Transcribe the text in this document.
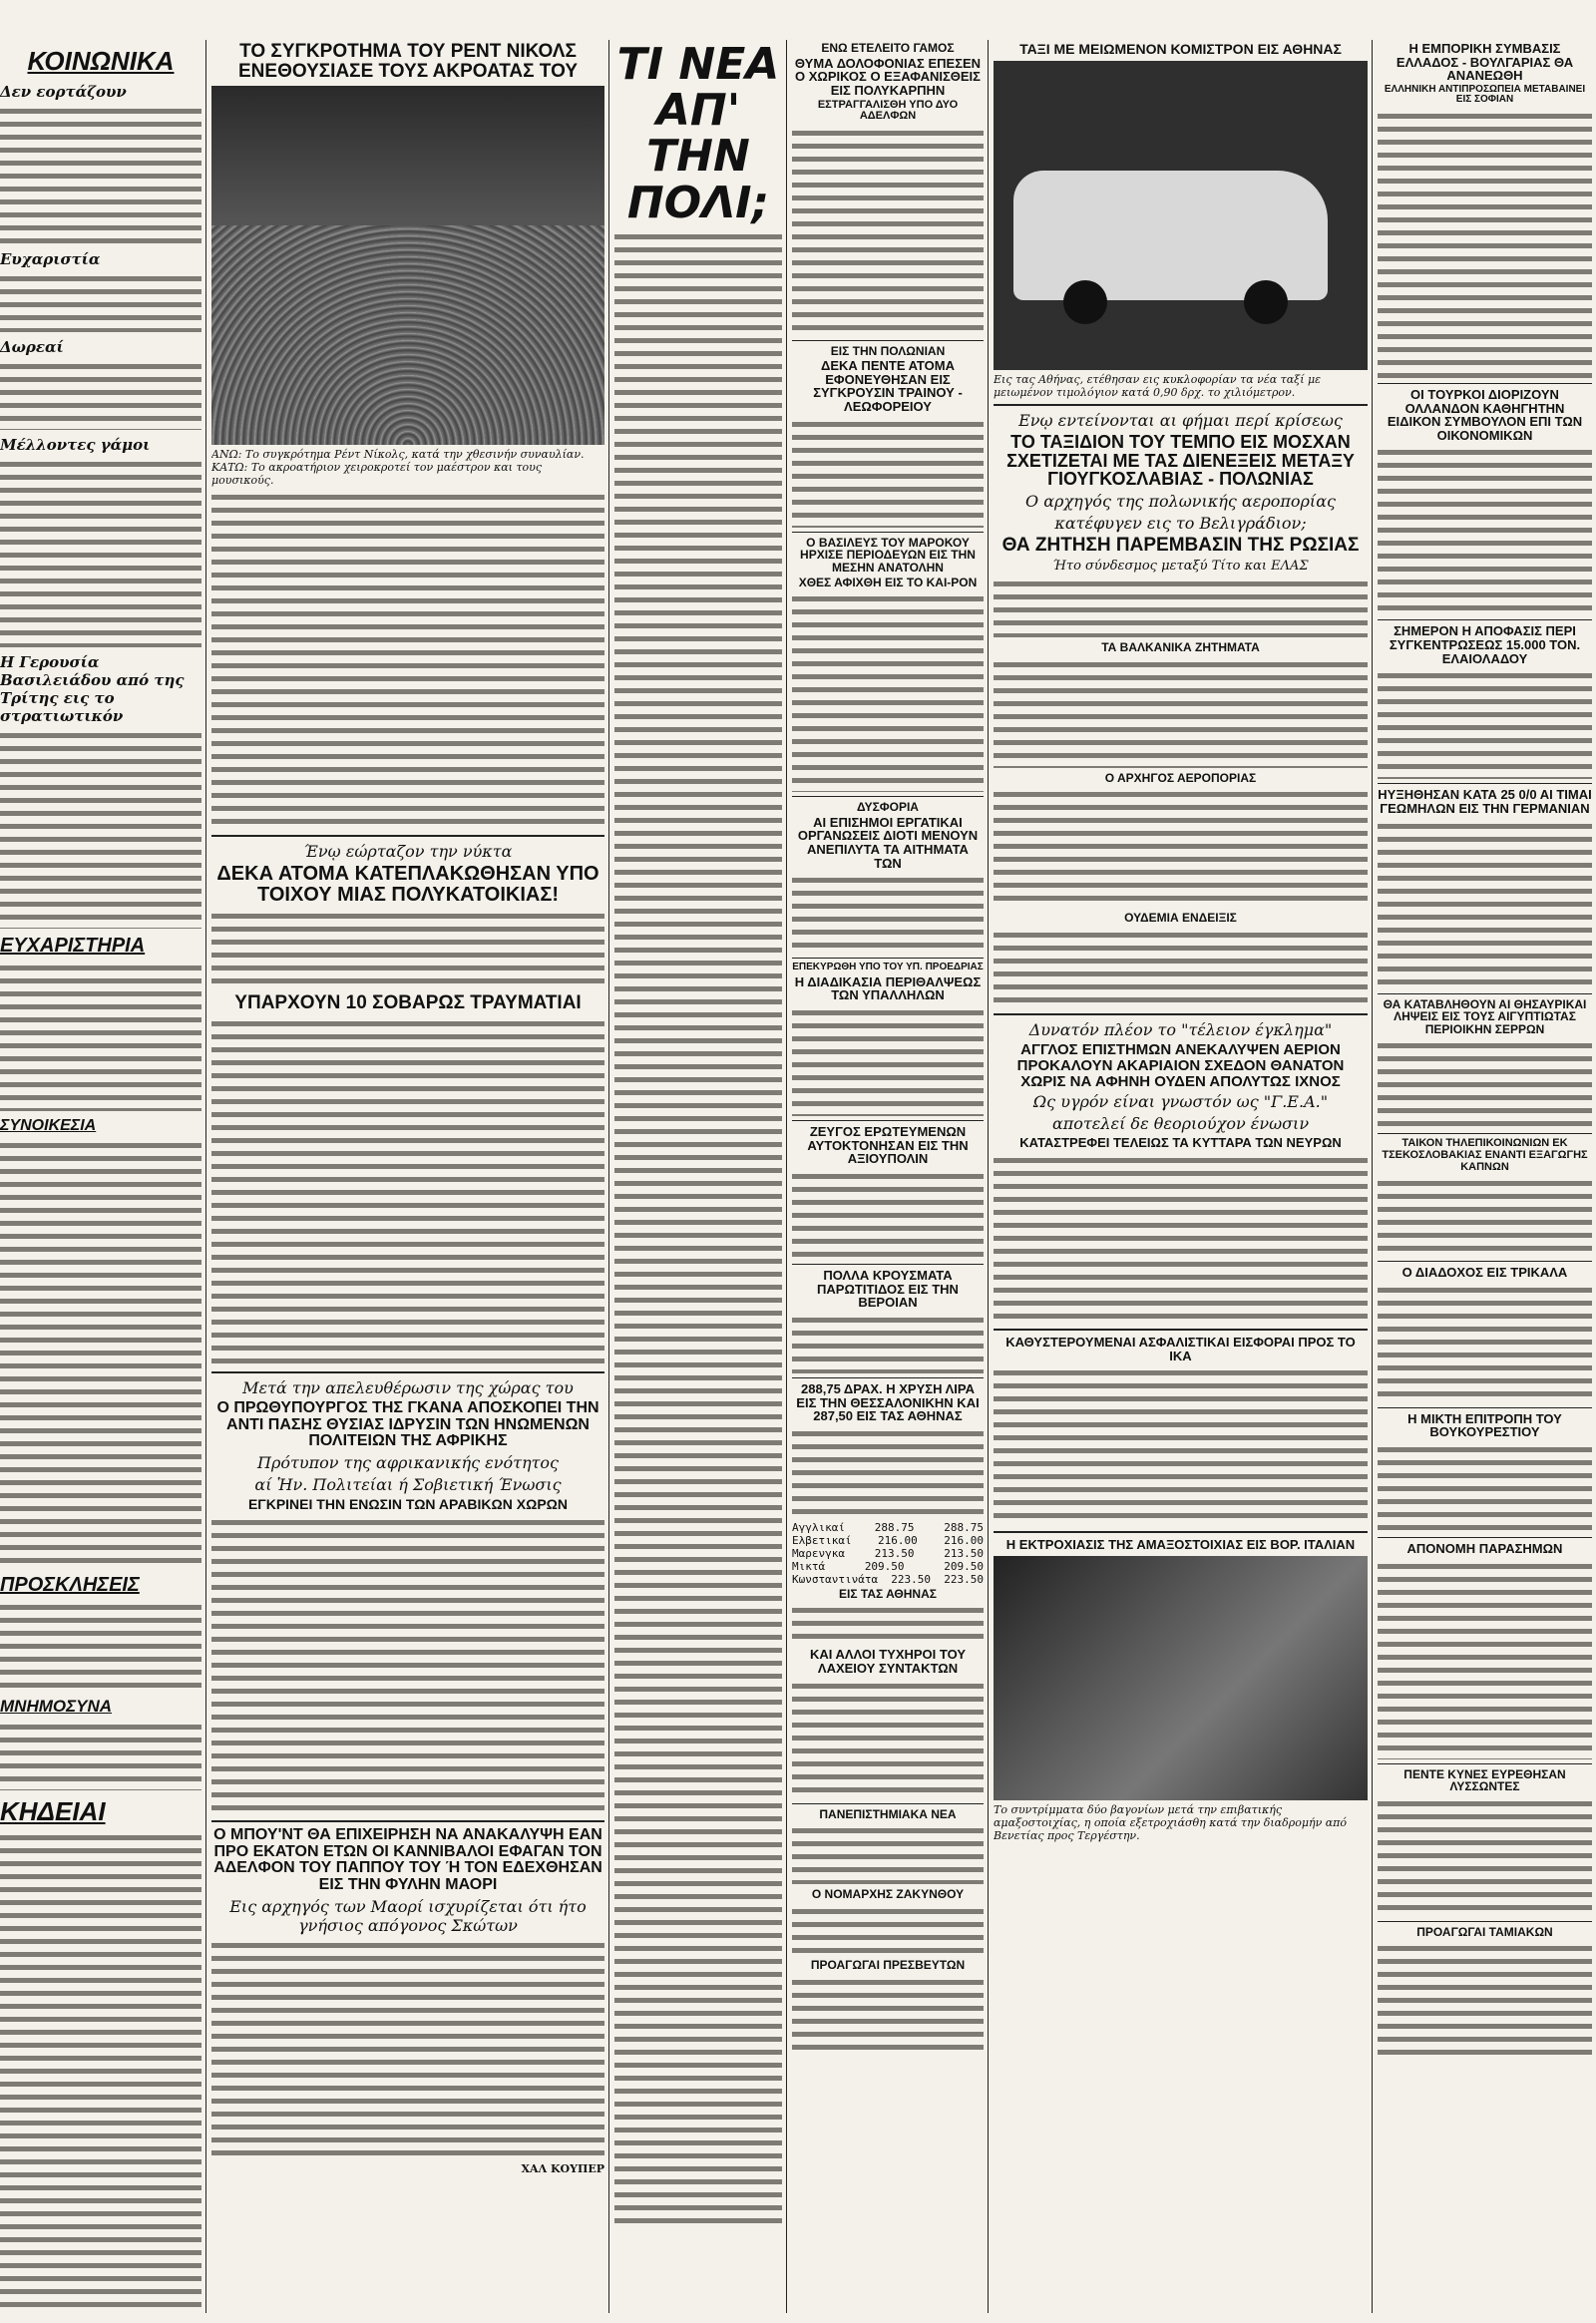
ΚΟΙΝΩΝΙΚΑ
Δεν εορτάζουν
Ευχαριστία
Δωρεαί
Μέλλοντες γάμοι
Η Γερουσία Βασιλειάδου από της Τρίτης εις το στρατιωτικόν
ΕΥΧΑΡΙΣΤΗΡΙΑ
ΣΥΝΟΙΚΕΣΙΑ
ΠΡΟΣΚΛΗΣΕΙΣ
ΜΝΗΜΟΣΥΝΑ
ΚΗΔΕΙΑΙ
ΤΟ ΣΥΓΚΡΟΤΗΜΑ ΤΟΥ ΡΕΝΤ ΝΙΚΟΛΣ ΕΝΕΘΟΥΣΙΑΣΕ ΤΟΥΣ ΑΚΡΟΑΤΑΣ ΤΟΥ
ΑΝΩ: Το συγκρότημα Ρέντ Νίκολς, κατά την χθεσινήν συναυλίαν. ΚΑΤΩ: Το ακροατήριον χειροκροτεί τον μαέστρον και τους μουσικούς.
Ένῳ εώρταζον την νύκτα
ΔΕΚΑ ΑΤΟΜΑ ΚΑΤΕΠΛΑΚΩΘΗΣΑΝ ΥΠΟ ΤΟΙΧΟΥ ΜΙΑΣ ΠΟΛΥΚΑΤΟΙΚΙΑΣ!
ΥΠΑΡΧΟΥΝ 10 ΣΟΒΑΡΩΣ ΤΡΑΥΜΑΤΙΑΙ
Μετά την απελευθέρωσιν της χώρας του
Ο ΠΡΩΘΥΠΟΥΡΓΟΣ ΤΗΣ ΓΚΑΝΑ ΑΠΟΣΚΟΠΕΙ ΤΗΝ ΑΝΤΙ ΠΑΣΗΣ ΘΥΣΙΑΣ ΙΔΡΥΣΙΝ ΤΩΝ ΗΝΩΜΕΝΩΝ ΠΟΛΙΤΕΙΩΝ ΤΗΣ ΑΦΡΙΚΗΣ
Πρότυπον της αφρικανικής ενότητος
αί Ἡν. Πολιτείαι ή Σοβιετική Ένωσις
ΕΓΚΡΙΝΕΙ ΤΗΝ ΕΝΩΣΙΝ ΤΩΝ ΑΡΑΒΙΚΩΝ ΧΩΡΩΝ
Ο ΜΠΟΥ'ΝΤ ΘΑ ΕΠΙΧΕΙΡΗΣΗ ΝΑ ΑΝΑΚΑΛΥΨΗ ΕΑΝ ΠΡΟ ΕΚΑΤΟΝ ΕΤΩΝ ΟΙ ΚΑΝΝΙΒΑΛΟΙ ΕΦΑΓΑΝ ΤΟΝ ΑΔΕΛΦΟΝ ΤΟΥ ΠΑΠΠΟΥ ΤΟΥ Ή ΤΟΝ ΕΔΕΧΘΗΣΑΝ ΕΙΣ ΤΗΝ ΦΥΛΗΝ ΜΑΟΡΙ
Εις αρχηγός των Μαορί ισχυρίζεται ότι ήτο γνήσιος απόγονος Σκώτων
ΧΑΛ ΚΟΥΠΕΡ
ΤΙ ΝΕΑ ΑΠ' ΤΗΝ ΠΟΛΙ;
ΕΝΩ ΕΤΕΛΕΙΤΟ ΓΑΜΟΣ
ΘΥΜΑ ΔΟΛΟΦΟΝΙΑΣ ΕΠΕΣΕΝ Ο ΧΩΡΙΚΟΣ Ο ΕΞΑΦΑΝΙΣΘΕΙΣ ΕΙΣ ΠΟΛΥΚΑΡΠΗΝ
ΕΣΤΡΑΓΓΑΛΙΣΘΗ ΥΠΟ ΔΥΟ ΑΔΕΛΦΩΝ
ΕΙΣ ΤΗΝ ΠΟΛΩΝΙΑΝ
ΔΕΚΑ ΠΕΝΤΕ ΑΤΟΜΑ ΕΦΟΝΕΥΘΗΣΑΝ ΕΙΣ ΣΥΓΚΡΟΥΣΙΝ ΤΡΑΙΝΟΥ - ΛΕΩΦΟΡΕΙΟΥ
Ο ΒΑΣΙΛΕΥΣ ΤΟΥ ΜΑΡΟΚΟΥ ΗΡΧΙΣΕ ΠΕΡΙΟΔΕΥΩΝ ΕΙΣ ΤΗΝ ΜΕΣΗΝ ΑΝΑΤΟΛΗΝ
ΧΘΕΣ ΑΦΙΧΘΗ ΕΙΣ ΤΟ ΚΑΙ-ΡΟΝ
ΔΥΣΦΟΡΙΑ
ΑΙ ΕΠΙΣΗΜΟΙ ΕΡΓΑΤΙΚΑΙ ΟΡΓΑΝΩΣΕΙΣ ΔΙΟΤΙ ΜΕΝΟΥΝ ΑΝΕΠΙΛΥΤΑ ΤΑ ΑΙΤΗΜΑΤΑ ΤΩΝ
ΕΠΕΚΥΡΩΘΗ ΥΠΟ ΤΟΥ ΥΠ. ΠΡΟΕΔΡΙΑΣ
Η ΔΙΑΔΙΚΑΣΙΑ ΠΕΡΙΘΑΛΨΕΩΣ ΤΩΝ ΥΠΑΛΛΗΛΩΝ
ΖΕΥΓΟΣ ΕΡΩΤΕΥΜΕΝΩΝ ΑΥΤΟΚΤΟΝΗΣΑΝ ΕΙΣ ΤΗΝ ΑΞΙΟΥΠΟΛΙΝ
ΠΟΛΛΑ ΚΡΟΥΣΜΑΤΑ ΠΑΡΩΤΙΤΙΔΟΣ ΕΙΣ ΤΗΝ ΒΕΡΟΙΑΝ
288,75 ΔΡΑΧ. Η ΧΡΥΣΗ ΛΙΡΑ ΕΙΣ ΤΗΝ ΘΕΣΣΑΛΟΝΙΚΗΝ ΚΑΙ 287,50 ΕΙΣ ΤΑΣ ΑΘΗΝΑΣ
Αγγλικαί	288.75	288.75
Ελβετικαί 216.00 216.00
Μαρενγκα	213.50	213.50
Μικτά	209.50	209.50
Κωνσταντινάτα 223.50 223.50
ΕΙΣ ΤΑΣ ΑΘΗΝΑΣ
ΚΑΙ ΑΛΛΟΙ ΤΥΧΗΡΟΙ ΤΟΥ ΛΑΧΕΙΟΥ ΣΥΝΤΑΚΤΩΝ
ΠΑΝΕΠΙΣΤΗΜΙΑΚΑ ΝΕΑ
Ο ΝΟΜΑΡΧΗΣ ΖΑΚΥΝΘΟΥ
ΠΡΟΑΓΩΓΑΙ ΠΡΕΣΒΕΥΤΩΝ
ΤΑΞΙ ΜΕ ΜΕΙΩΜΕΝΟΝ ΚΟΜΙΣΤΡΟΝ ΕΙΣ ΑΘΗΝΑΣ
Εις τας Αθήνας, ετέθησαν εις κυκλοφορίαν τα νέα ταξί με μειωμένον τιμολόγιον κατά 0,90 δρχ. το χιλιόμετρον.
Ενῳ εντείνονται αι φήμαι περί κρίσεως
ΤΟ ΤΑΞΙΔΙΟΝ ΤΟΥ ΤΕΜΠΟ ΕΙΣ ΜΟΣΧΑΝ ΣΧΕΤΙΖΕΤΑΙ ΜΕ ΤΑΣ ΔΙΕΝΕΞΕΙΣ ΜΕΤΑΞΥ ΓΙΟΥΓΚΟΣΛΑΒΙΑΣ - ΠΟΛΩΝΙΑΣ
Ο αρχηγός της πολωνικής αεροπορίας
κατέφυγεν εις το Βελιγράδιον;
ΘΑ ΖΗΤΗΣΗ ΠΑΡΕΜΒΑΣΙΝ ΤΗΣ ΡΩΣΙΑΣ
Ήτο σύνδεσμος μεταξύ Τίτο και ΕΛΑΣ
ΤΑ ΒΑΛΚΑΝΙΚΑ ΖΗΤΗΜΑΤΑ
Ο ΑΡΧΗΓΟΣ ΑΕΡΟΠΟΡΙΑΣ
ΟΥΔΕΜΙΑ ΕΝΔΕΙΞΙΣ
Δυνατόν πλέον το "τέλειον έγκλημα"
ΑΓΓΛΟΣ ΕΠΙΣΤΗΜΩΝ ΑΝΕΚΑΛΥΨΕΝ ΑΕΡΙΟΝ ΠΡΟΚΑΛΟΥΝ ΑΚΑΡΙΑΙΟΝ ΣΧΕΔΟΝ ΘΑΝΑΤΟΝ ΧΩΡΙΣ ΝΑ ΑΦΗΝΗ ΟΥΔΕΝ ΑΠΟΛΥΤΩΣ ΙΧΝΟΣ
Ως υγρόν είναι γνωστόν ως "Γ.Ε.Α."
αποτελεί δε θεοριούχον ένωσιν
ΚΑΤΑΣΤΡΕΦΕΙ ΤΕΛΕΙΩΣ ΤΑ ΚΥΤΤΑΡΑ ΤΩΝ ΝΕΥΡΩΝ
ΚΑΘΥΣΤΕΡΟΥΜΕΝΑΙ ΑΣΦΑΛΙΣΤΙΚΑΙ ΕΙΣΦΟΡΑΙ ΠΡΟΣ ΤΟ ΙΚΑ
Η ΕΚΤΡΟΧΙΑΣΙΣ ΤΗΣ ΑΜΑΞΟΣΤΟΙΧΙΑΣ ΕΙΣ ΒΟΡ. ΙΤΑΛΙΑΝ
Το συντρίμματα δύο βαγονίων μετά την επιβατικής αμαξοστοιχίας, η οποία εξετροχιάσθη κατά την διαδρομήν από Βενετίας προς Τεργέστην.
Η ΕΜΠΟΡΙΚΗ ΣΥΜΒΑΣΙΣ ΕΛΛΑΔΟΣ - ΒΟΥΛΓΑΡΙΑΣ ΘΑ ΑΝΑΝΕΩΘΗ
ΕΛΛΗΝΙΚΗ ΑΝΤΙΠΡΟΣΩΠΕΙΑ ΜΕΤΑΒΑΙΝΕΙ ΕΙΣ ΣΟΦΙΑΝ
ΟΙ ΤΟΥΡΚΟΙ ΔΙΟΡΙΖΟΥΝ ΟΛΛΑΝΔΟΝ ΚΑΘΗΓΗΤΗΝ ΕΙΔΙΚΟΝ ΣΥΜΒΟΥΛΟΝ ΕΠΙ ΤΩΝ ΟΙΚΟΝΟΜΙΚΩΝ
ΣΗΜΕΡΟΝ Η ΑΠΟΦΑΣΙΣ ΠΕΡΙ ΣΥΓΚΕΝΤΡΩΣΕΩΣ 15.000 ΤΟΝ. ΕΛΑΙΟΛΑΔΟΥ
ΗΥΞΗΘΗΣΑΝ ΚΑΤΑ 25 0/0 ΑΙ ΤΙΜΑΙ ΓΕΩΜΗΛΩΝ ΕΙΣ ΤΗΝ ΓΕΡΜΑΝΙΑΝ
ΘΑ ΚΑΤΑΒΛΗΘΟΥΝ ΑΙ ΘΗΣΑΥΡΙΚΑΙ ΛΗΨΕΙΣ ΕΙΣ ΤΟΥΣ ΑΙΓΥΠΤΙΩΤΑΣ ΠΕΡΙΟΙΚΗΝ ΣΕΡΡΩΝ
ΤΑΙΚΟΝ ΤΗΛΕΠΙΚΟΙΝΩΝΙΩΝ ΕΚ ΤΣΕΚΟΣΛΟΒΑΚΙΑΣ ΕΝΑΝΤΙ ΕΞΑΓΩΓΗΣ ΚΑΠΝΩΝ
Ο ΔΙΑΔΟΧΟΣ ΕΙΣ ΤΡΙΚΑΛΑ
Η ΜΙΚΤΗ ΕΠΙΤΡΟΠΗ ΤΟΥ ΒΟΥΚΟΥΡΕΣΤΙΟΥ
ΑΠΟΝΟΜΗ ΠΑΡΑΣΗΜΩΝ
ΠΕΝΤΕ ΚΥΝΕΣ ΕΥΡΕΘΗΣΑΝ ΛΥΣΣΩΝΤΕΣ
ΠΡΟΑΓΩΓΑΙ ΤΑΜΙΑΚΩΝ
